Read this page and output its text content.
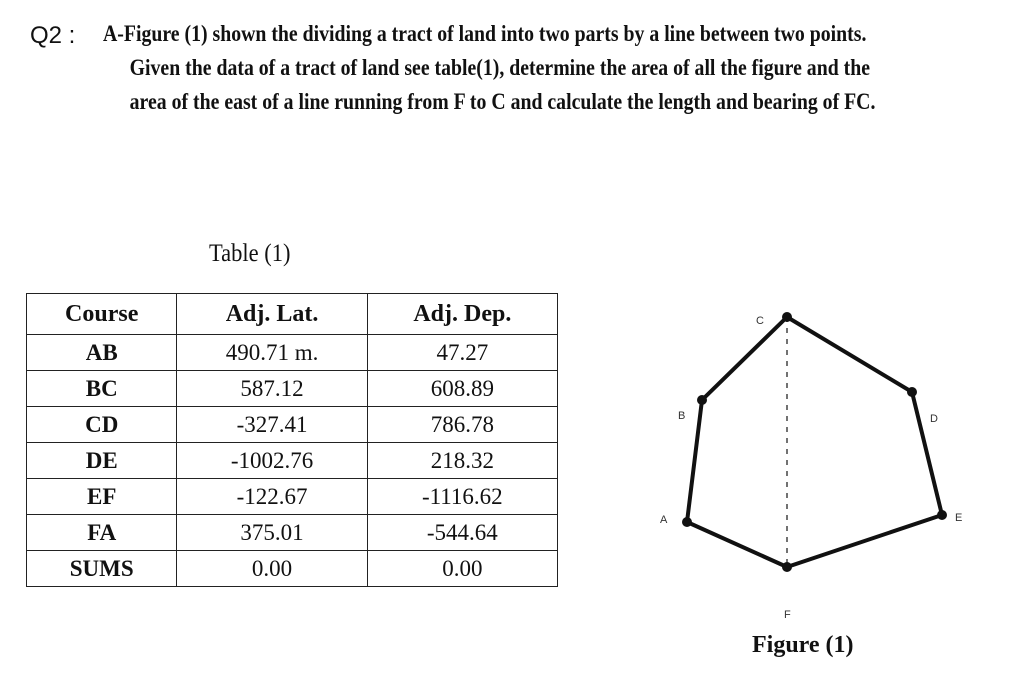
Q2 : A-Figure (1) shown the dividing a tract of land into two parts by a line between two points.
Given the data of a tract of land see table(1), determine the area of all the figure and the
area of the east of a line running from F to C and calculate the length and bearing of FC.
Table (1)
Course	Adj. Lat.	Adj. Dep.
AB	490.71 m.	47.27
BC	587.12	608.89
CD	-327.41	786.78
DE	-1002.76	218.32
EF	-122.67	-1116.62
FA	375.01	-544.64
SUMS	0.00	0.00
A
B
C
D
E
F
Figure (1)
